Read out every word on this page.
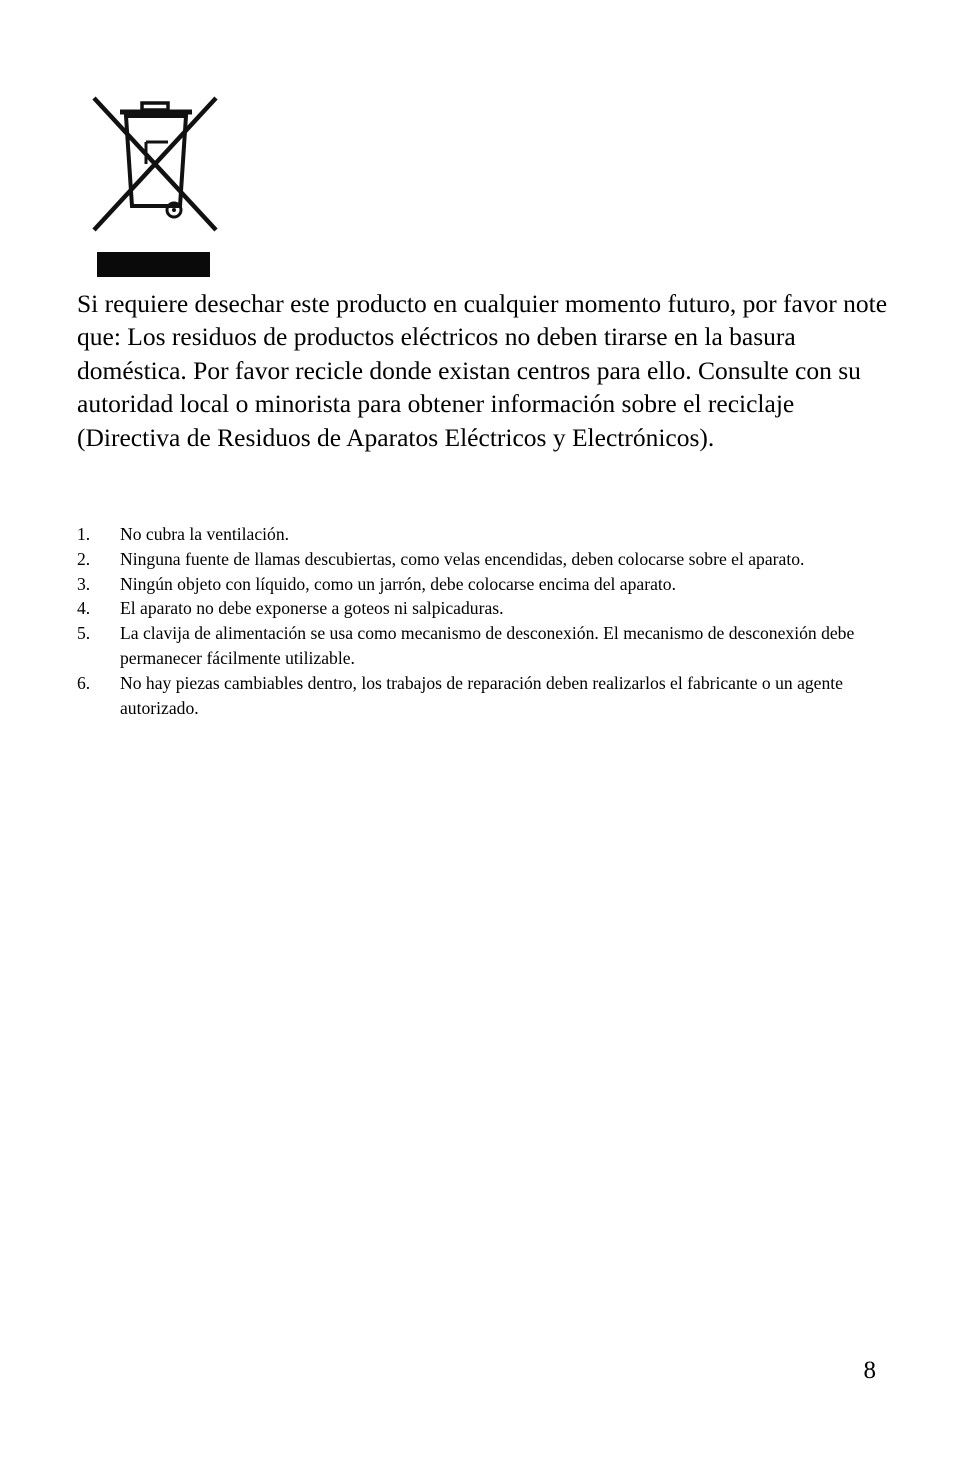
Si requiere desechar este producto en cualquier momento futuro, por favor note que: Los residuos de productos eléctricos no deben tirarse en la basura doméstica. Por favor recicle donde existan centros para ello. Consulte con su autoridad local o minorista para obtener información sobre el reciclaje (Directiva de Residuos de Aparatos Eléctricos y Electrónicos).

1. No cubra la ventilación.
2. Ninguna fuente de llamas descubiertas, como velas encendidas, deben colocarse sobre el aparato.
3. Ningún objeto con líquido, como un jarrón, debe colocarse encima del aparato.
4. El aparato no debe exponerse a goteos ni salpicaduras.
5. La clavija de alimentación se usa como mecanismo de desconexión. El mecanismo de desconexión debe permanecer fácilmente utilizable.
6. No hay piezas cambiables dentro, los trabajos de reparación deben realizarlos el fabricante o un agente autorizado.
8
